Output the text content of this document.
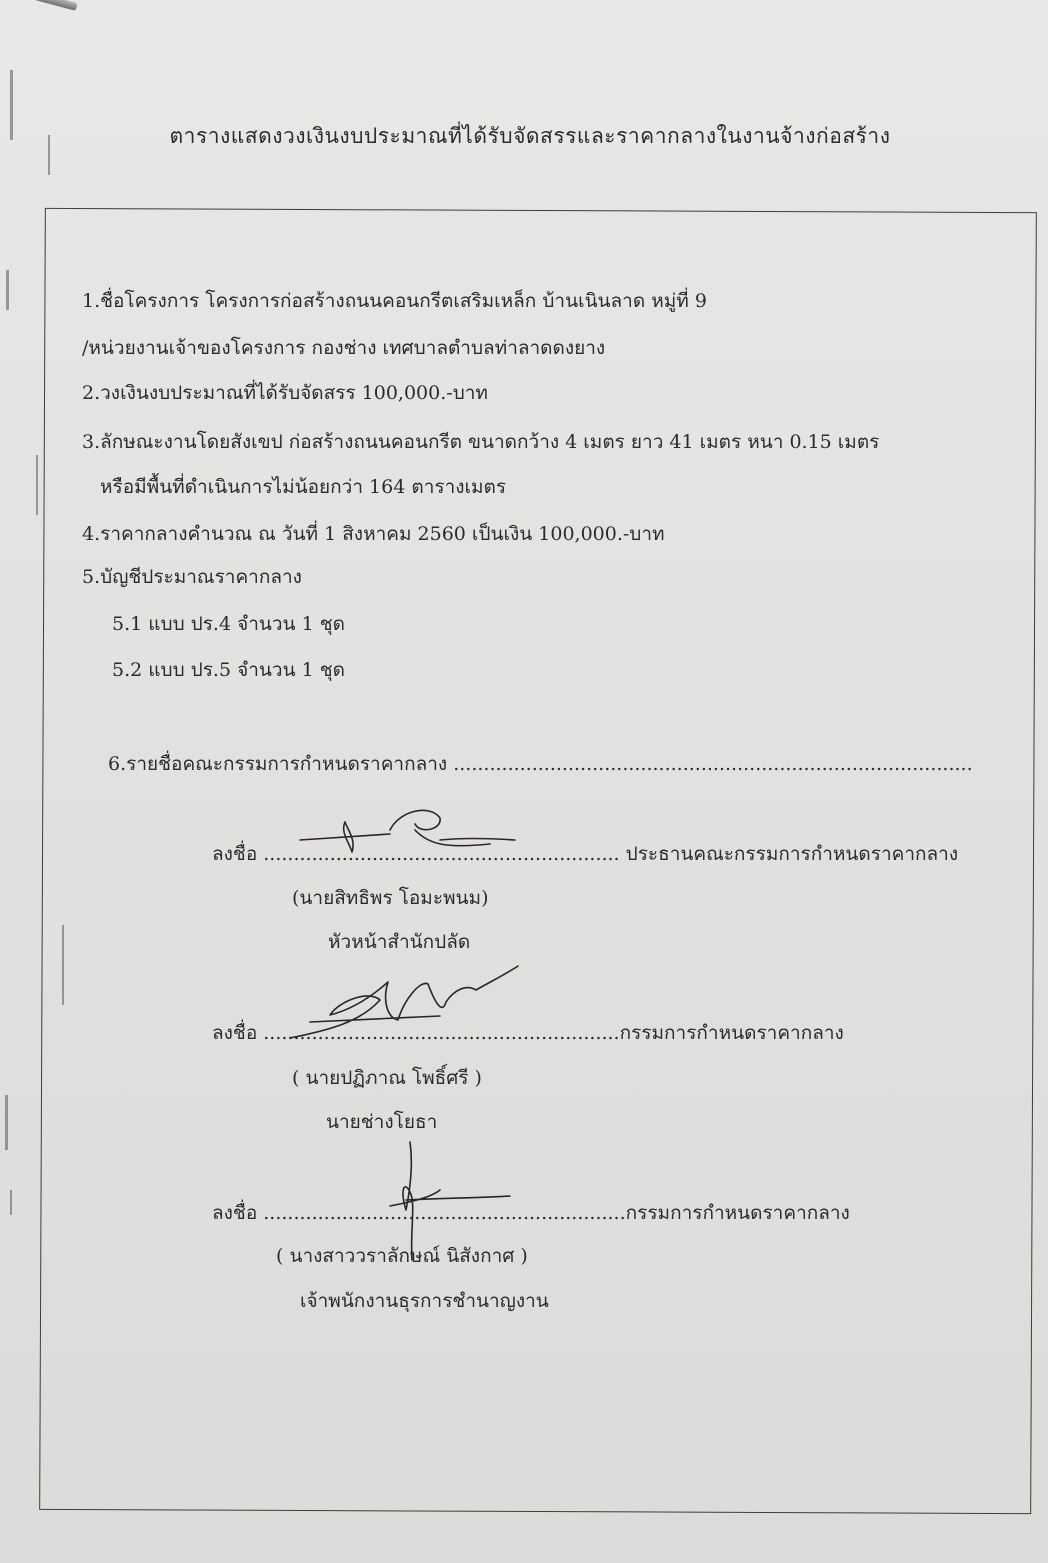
ตารางแสดงวงเงินงบประมาณที่ได้รับจัดสรรและราคากลางในงานจ้างก่อสร้าง
1.ชื่อโครงการ โครงการก่อสร้างถนนคอนกรีตเสริมเหล็ก บ้านเนินลาด หมู่ที่ 9
/หน่วยงานเจ้าของโครงการ กองช่าง เทศบาลตำบลท่าลาดดงยาง
2.วงเงินงบประมาณที่ได้รับจัดสรร 100,000.-บาท
3.ลักษณะงานโดยสังเขป ก่อสร้างถนนคอนกรีต ขนาดกว้าง 4 เมตร ยาว 41 เมตร หนา 0.15 เมตร
หรือมีพื้นที่ดำเนินการไม่น้อยกว่า 164 ตารางเมตร
4.ราคากลางคำนวณ ณ วันที่ 1 สิงหาคม 2560 เป็นเงิน 100,000.-บาท
5.บัญชีประมาณราคากลาง
5.1 แบบ ปร.4 จำนวน 1 ชุด
5.2 แบบ ปร.5 จำนวน 1 ชุด
6.รายชื่อคณะกรรมการกำหนดราคากลาง ......................................................................................
ลงชื่อ ........................................................... ประธานคณะกรรมการกำหนดราคากลาง
(นายสิทธิพร โอมะพนม)
หัวหน้าสำนักปลัด
ลงชื่อ ...........................................................กรรมการกำหนดราคากลาง
( นายปฏิภาณ โพธิ์ศรี )
นายช่างโยธา
ลงชื่อ ............................................................กรรมการกำหนดราคากลาง
( นางสาววราลักษณ์ นิสังกาศ )
เจ้าพนักงานธุรการชำนาญงาน
